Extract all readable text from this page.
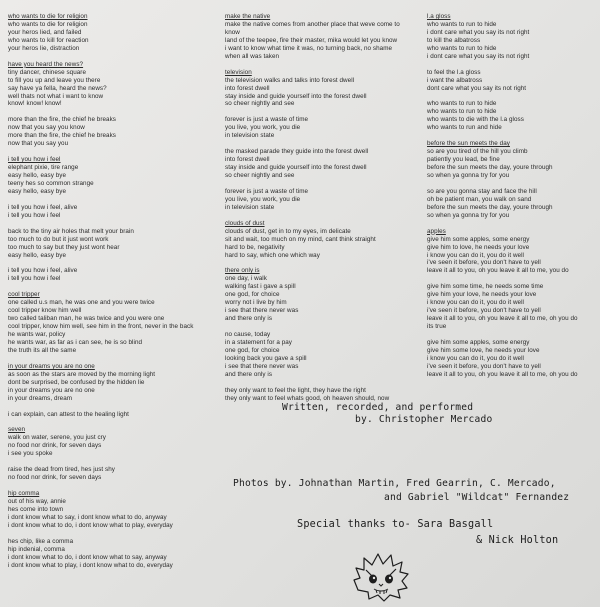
who wants to die for religion
who wants to die for religion
your heros lied, and failed
who wants to kill for reaction
your heros lie, distraction
have you heard the news?
tiny dancer, chinese square
to fill you up and leave you there
say have ya fella, heard the news?
well thats not what i want to know
know! know! know!
more than the fire, the chief he breaks
now that you say you know
more than the fire, the chief he breaks
now that you say you
i tell you how i feel
elephant pixie, tire range
easy hello, easy bye
teeny hes so common strange
easy hello, easy bye
i tell you how i feel, alive
i tell you how i feel
back to the tiny air holes that melt your brain
too much to do but it just wont work
too much to say but they just wont hear
easy hello, easy bye
i tell you how i feel, alive
i tell you how i feel
cool tripper
one called u.s man, he was one and you were twice
cool tripper know him well
two called taliban man, he was twice and you were one
cool tripper, know him well, see him in the front, never in the back
he wants war, policy
he wants war, as far as i can see, he is so blind
the truth its all the same
in your dreams you are no one
as soon as the stars are moved by the morning light
dont be surprised, be confused by the hidden lie
in your dreams you are no one
in your dreams, dream
i can explain, can attest to the healing light
seven
walk on water, serene, you just cry
no food nor drink, for seven days
i see you spoke
raise the dead from tired, hes just shy
no food nor drink, for seven days
hip comma
out of his way, annie
hes come into town
i dont know what to say, i dont know what to do, anyway
i dont know what to do, i dont know what to play, everyday
hes chip, like a comma
hip indenial, comma
i dont know what to do, i dont know what to say, anyway
i dont know what to play, i dont know what to do, everyday
make the native
make the native comes from another place that weve come to
know
land of the teepee, fire their master, mika would let you know
i want to know what time it was, no turning back, no shame
when all was taken
television
the television walks and talks into forest dwell
into forest dwell
stay inside and guide yourself into the forest dwell
so cheer nightly and see
forever is just a waste of time
you live, you work, you die
in television state
the masked parade they guide into the forest dwell
into forest dwell
stay inside and guide yourself into the forest dwell
so cheer nightly and see
forever is just a waste of time
you live, you work, you die
in television state
clouds of dust
clouds of dust, get in to my eyes, im delicate
sit and wait, too much on my mind, cant think straight
hard to be, negativity
hard to say, which one which way
there only is
one day, i walk
walking fast i gave a spill
one god, for choice
worry not i live by him
i see that there never was
and there only is
no cause, today
in a statement for a pay
one god, for choice
looking back you gave a spill
i see that there never was
and there only is
they only want to feel the light, they have the right
they only want to feel whats good, oh heaven should, now
l.a gloss
who wants to run to hide
i dont care what you say its not right
to kill the albatross
who wants to run to hide
i dont care what you say its not right
to feel the l.a gloss
i want the albatross
dont care what you say its not right
who wants to run to hide
who wants to run to hide
who wants to die with the l.a gloss
who wants to run and hide
before the sun meets the day
so are you tired of the hill you climb
patiently you lead, be fine
before the sun meets the day, youre through
so when ya gonna try for you
so are you gonna stay and face the hill
oh be patient man, you walk on sand
before the sun meets the day, youre through
so when ya gonna try for you
apples
give him some apples, some energy
give him to love, he needs your love
i know you can do it, you do it well
i've seen it before, you don't have to yell
leave it all to you, oh you leave it all to me, you do
give him some time, he needs some time
give him your love, he needs your love
i know you can do it, you do it well
i've seen it before, you don't have to yell
leave it all to you, oh you leave it all to me, oh you do
its true
give him some apples, some energy
give him some love, he needs your love
i know you can do it, you do it well
i've seen it before, you don't have to yell
leave it all to you, oh you leave it all to me, oh you do
Written, recorded, and performed
by. Christopher Mercado
Photos by. Johnathan Martin, Fred Gearrin, C. Mercado,
and Gabriel "Wildcat" Fernandez
Special thanks to- Sara Basgall
& Nick Holton
